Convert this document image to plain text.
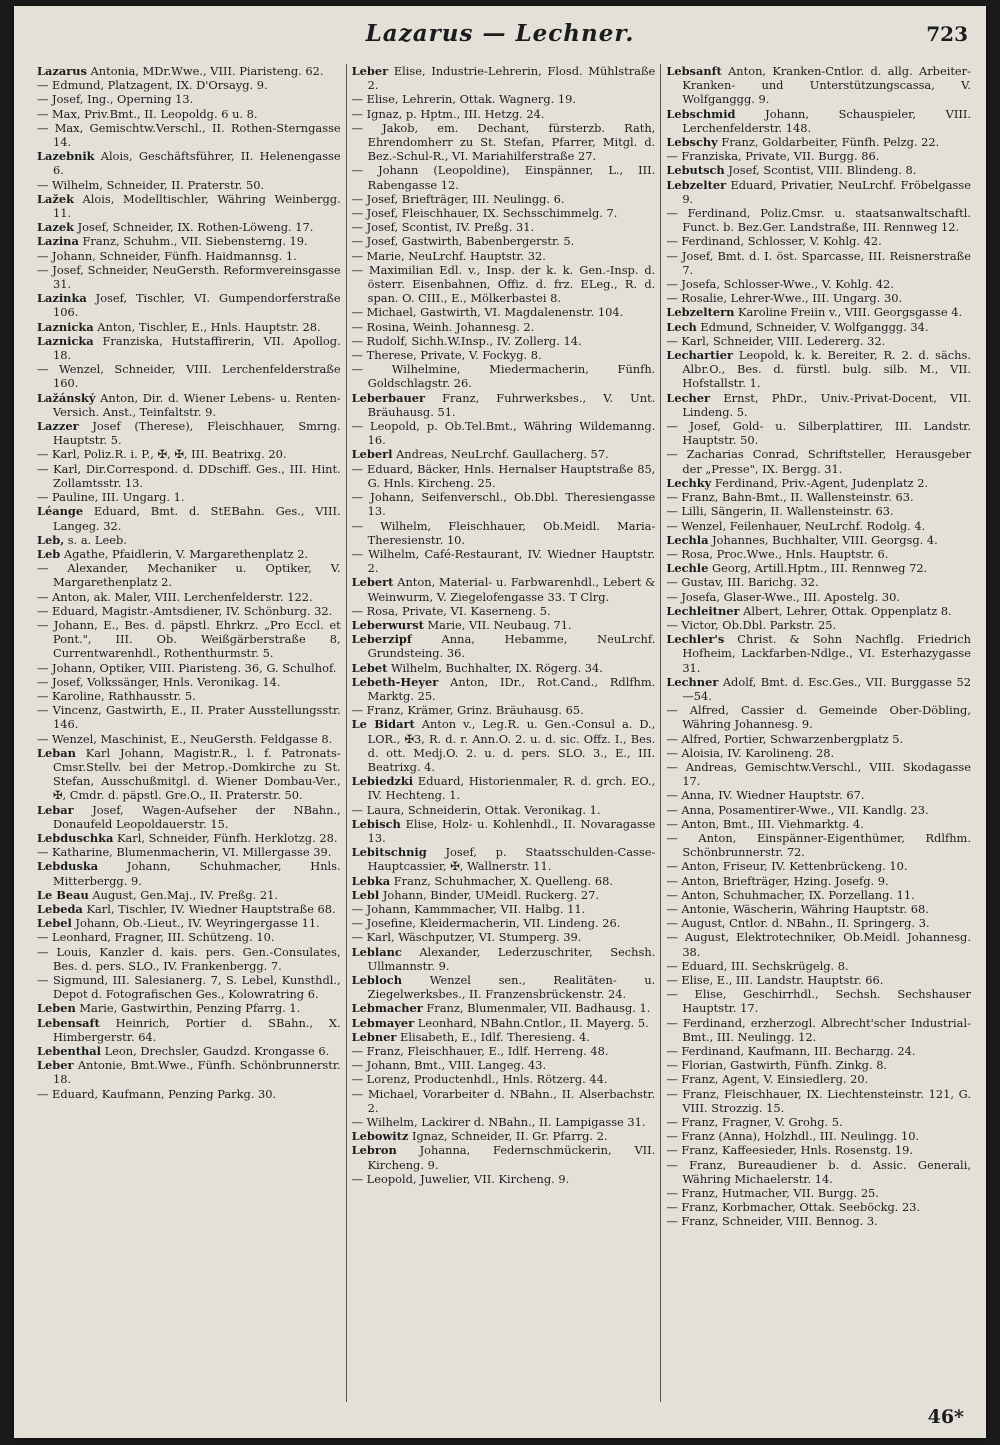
Lazarus — Lechner.	723

Lazarus Antonia, MDr.Wwe., VIII. Piaristeng. 62.

— Edmund, Platzagent, IX. D'Orsayg. 9.

— Josef, Ing., Operning 13.

— Max, Priv.Bmt., II. Leopoldg. 6 u. 8.

— Max, Gemischtw.Verschl., II. Rothen-Sterngasse 14.

Lazebnik Alois, Geschäftsführer, II. Helenengasse 6.

— Wilhelm, Schneider, II. Praterstr. 50.

Lažek Alois, Modelltischler, Währing Weinbergg. 11.

Lazek Josef, Schneider, IX. Rothen-Löweng. 17.

Lazina Franz, Schuhm., VII. Siebensterng. 19.

— Johann, Schneider, Fünfh. Haidmannsg. 1.

— Josef, Schneider, NeuGersth. Reformvereinsgasse 31.

Lazinka Josef, Tischler, VI. Gumpendorferstraße 106.

Laznicka Anton, Tischler, E., Hnls. Hauptstr. 28.

Laznicka Franziska, Hutstaffirerin, VII. Apollog. 18.

— Wenzel, Schneider, VIII. Lerchenfelderstraße 160.

Lažánský Anton, Dir. d. Wiener Lebens- u. Renten-Versich. Anst., Teinfaltstr. 9.

Lazzer Josef (Therese), Fleischhauer, Smrng. Hauptstr. 5.

— Karl, Poliz.R. i. P., ✠, ✠, III. Beatrixg. 20.

— Karl, Dir.Correspond. d. DDschiff. Ges., III. Hint. Zollamtsstr. 13.

— Pauline, III. Ungarg. 1.

Léange Eduard, Bmt. d. StEBahn. Ges., VIII. Langeg. 32.

Leb, s. a. Leeb.

Leb Agathe, Pfaidlerin, V. Margarethenplatz 2.

— Alexander, Mechaniker u. Optiker, V. Margarethenplatz 2.

— Anton, ak. Maler, VIII. Lerchenfelderstr. 122.

— Eduard, Magistr.-Amtsdiener, IV. Schönburg. 32.

— Johann, E., Bes. d. päpstl. Ehrkrz. „Pro Eccl. et Pont.", III. Ob. Weißgärberstraße 8, Currentwarenhdl., Rothenthurmstr. 5.

— Johann, Optiker, VIII. Piaristeng. 36, G. Schulhof.

— Josef, Volkssänger, Hnls. Veronikag. 14.

— Karoline, Rathhausstr. 5.

— Vincenz, Gastwirth, E., II. Prater Ausstellungsstr. 146.

— Wenzel, Maschinist, E., NeuGersth. Feldgasse 8.

Leban Karl Johann, Magistr.R., l. f. Patronats-Cmsr.Stellv. bei der Metrop.-Domkirche zu St. Stefan, Ausschußmitgl. d. Wiener Dombau-Ver., ✠, Cmdr. d. päpstl. Gre.O., II. Praterstr. 50.

Lebar Josef, Wagen-Aufseher der NBahn., Donaufeld Leopoldauerstr. 15.

Lebduschka Karl, Schneider, Fünfh. Herklotzg. 28.

— Katharine, Blumenmacherin, VI. Millergasse 39.

Lebduska Johann, Schuhmacher, Hnls. Mitterbergg. 9.

Le Beau August, Gen.Maj., IV. Preßg. 21.

Lebeda Karl, Tischler, IV. Wiedner Hauptstraße 68.

Lebel Johann, Ob.-Lieut., IV. Weyringergasse 11.

— Leonhard, Fragner, III. Schützeng. 10.

— Louis, Kanzler d. kais. pers. Gen.-Consulates, Bes. d. pers. SLO., IV. Frankenbergg. 7.

— Sigmund, III. Salesianerg. 7, S. Lebel, Kunsthdl., Depot d. Fotografischen Ges., Kolowratring 6.

Leben Marie, Gastwirthin, Penzing Pfarrg. 1.

Lebensaft Heinrich, Portier d. SBahn., X. Himbergerstr. 64.

Lebenthal Leon, Drechsler, Gaudzd. Krongasse 6.

Leber Antonie, Bmt.Wwe., Fünfh. Schönbrunnerstr. 18.

— Eduard, Kaufmann, Penzing Parkg. 30.

Leber Elise, Industrie-Lehrerin, Flosd. Mühlstraße 2.

— Elise, Lehrerin, Ottak. Wagnerg. 19.

— Ignaz, p. Hptm., III. Hetzg. 24.

— Jakob, em. Dechant, fürsterzb. Rath, Ehrendomherr zu St. Stefan, Pfarrer, Mitgl. d. Bez.-Schul-R., VI. Mariahilferstraße 27.

— Johann (Leopoldine), Einspänner, L., III. Rabengasse 12.

— Josef, Briefträger, III. Neulingg. 6.

— Josef, Fleischhauer, IX. Sechsschimmelg. 7.

— Josef, Scontist, IV. Preßg. 31.

— Josef, Gastwirth, Babenbergerstr. 5.

— Marie, NeuLrchf. Hauptstr. 32.

— Maximilian Edl. v., Insp. der k. k. Gen.-Insp. d. österr. Eisenbahnen, Offiz. d. frz. ELeg., R. d. span. O. CIII., E., Mölkerbastei 8.

— Michael, Gastwirth, VI. Magdalenenstr. 104.

— Rosina, Weinh. Johannesg. 2.

— Rudolf, Sichh.W.Insp., IV. Zollerg. 14.

— Therese, Private, V. Fockyg. 8.

— Wilhelmine, Miedermacherin, Fünfh. Goldschlagstr. 26.

Leberbauer Franz, Fuhrwerksbes., V. Unt. Bräuhausg. 51.

— Leopold, p. Ob.Tel.Bmt., Währing Wildemanng. 16.

Leberl Andreas, NeuLrchf. Gaullacherg. 57.

— Eduard, Bäcker, Hnls. Hernalser Hauptstraße 85, G. Hnls. Kircheng. 25.

— Johann, Seifenverschl., Ob.Dbl. Theresiengasse 13.

— Wilhelm, Fleischhauer, Ob.Meidl. Maria-Theresienstr. 10.

— Wilhelm, Café-Restaurant, IV. Wiedner Hauptstr. 2.

Lebert Anton, Material- u. Farbwarenhdl., Lebert & Weinwurm, V. Ziegelofengasse 33. T Clrg.

— Rosa, Private, VI. Kaserneng. 5.

Leberwurst Marie, VII. Neubaug. 71.

Leberzipf Anna, Hebamme, NeuLrchf. Grundsteing. 36.

Lebet Wilhelm, Buchhalter, IX. Rögerg. 34.

Lebeth-Heyer Anton, IDr., Rot.Cand., Rdlfhm. Marktg. 25.

— Franz, Krämer, Grinz. Bräuhausg. 65.

Le Bidart Anton v., Leg.R. u. Gen.-Consul a. D., LOR., ✠3, R. d. r. Ann.O. 2. u. d. sic. Offz. I., Bes. d. ott. Medj.O. 2. u. d. pers. SLO. 3., E., III. Beatrixg. 4.

Lebiedzki Eduard, Historienmaler, R. d. grch. EO., IV. Hechteng. 1.

— Laura, Schneiderin, Ottak. Veronikag. 1.

Lebisch Elise, Holz- u. Kohlenhdl., II. Novaragasse 13.

Lebitschnig Josef, p. Staatsschulden-Casse-Hauptcassier, ✠, Wallnerstr. 11.

Lebka Franz, Schuhmacher, X. Quelleng. 68.

Lebl Johann, Binder, UMeidl. Ruckerg. 27.

— Johann, Kammmacher, VII. Halbg. 11.

— Josefine, Kleidermacherin, VII. Lindeng. 26.

— Karl, Wäschputzer, VI. Stumperg. 39.

Leblanc Alexander, Lederzuschriter, Sechsh. Ullmannstr. 9.

Lebloch Wenzel sen., Realitäten- u. Ziegelwerksbes., II. Franzensbrückenstr. 24.

Lebmacher Franz, Blumenmaler, VII. Badhausg. 1.

Lebmayer Leonhard, NBahn.Cntlor., II. Mayerg. 5.

Lebner Elisabeth, E., Idlf. Theresieng. 4.

— Franz, Fleischhauer, E., Idlf. Herreng. 48.

— Johann, Bmt., VIII. Langeg. 43.

— Lorenz, Productenhdl., Hnls. Rötzerg. 44.

— Michael, Vorarbeiter d. NBahn., II. Alserbachstr. 2.

— Wilhelm, Lackirer d. NBahn., II. Lampigasse 31.

Lebowitz Ignaz, Schneider, II. Gr. Pfarrg. 2.

Lebron Johanna, Federnschmückerin, VII. Kircheng. 9.

— Leopold, Juwelier, VII. Kircheng. 9.

Lebsanft Anton, Kranken-Cntlor. d. allg. Arbeiter-Kranken- und Unterstützungscassa, V. Wolfganggg. 9.

Lebschmid Johann, Schauspieler, VIII. Lerchenfelderstr. 148.

Lebschy Franz, Goldarbeiter, Fünfh. Pelzg. 22.

— Franziska, Private, VII. Burgg. 86.

Lebutsch Josef, Scontist, VIII. Blindeng. 8.

Lebzelter Eduard, Privatier, NeuLrchf. Fröbelgasse 9.

— Ferdinand, Poliz.Cmsr. u. staatsanwaltschaftl. Funct. b. Bez.Ger. Landstraße, III. Rennweg 12.

— Ferdinand, Schlosser, V. Kohlg. 42.

— Josef, Bmt. d. I. öst. Sparcasse, III. Reisnerstraße 7.

— Josefa, Schlosser-Wwe., V. Kohlg. 42.

— Rosalie, Lehrer-Wwe., III. Ungarg. 30.

Lebzeltern Karoline Freiin v., VIII. Georgsgasse 4.

Lech Edmund, Schneider, V. Wolfganggg. 34.

— Karl, Schneider, VIII. Ledererg. 32.

Lechartier Leopold, k. k. Bereiter, R. 2. d. sächs. Albr.O., Bes. d. fürstl. bulg. silb. M., VII. Hofstallstr. 1.

Lecher Ernst, PhDr., Univ.-Privat-Docent, VII. Lindeng. 5.

— Josef, Gold- u. Silberplattirer, III. Landstr. Hauptstr. 50.

— Zacharias Conrad, Schriftsteller, Herausgeber der „Presse", IX. Bergg. 31.

Lechky Ferdinand, Priv.-Agent, Judenplatz 2.

— Franz, Bahn-Bmt., II. Wallensteinstr. 63.

— Lilli, Sängerin, II. Wallensteinstr. 63.

— Wenzel, Feilenhauer, NeuLrchf. Rodolg. 4.

Lechla Johannes, Buchhalter, VIII. Georgsg. 4.

— Rosa, Proc.Wwe., Hnls. Hauptstr. 6.

Lechle Georg, Artill.Hptm., III. Rennweg 72.

— Gustav, III. Barichg. 32.

— Josefa, Glaser-Wwe., III. Apostelg. 30.

Lechleitner Albert, Lehrer, Ottak. Oppenplatz 8.

— Victor, Ob.Dbl. Parkstr. 25.

Lechler's Christ. & Sohn Nachflg. Friedrich Hofheim, Lackfarben-Ndlge., VI. Esterhazygasse 31.

Lechner Adolf, Bmt. d. Esc.Ges., VII. Burggasse 52—54.

— Alfred, Cassier d. Gemeinde Ober-Döbling, Währing Johannesg. 9.

— Alfred, Portier, Schwarzenbergplatz 5.

— Aloisia, IV. Karolineng. 28.

— Andreas, Gemischtw.Verschl., VIII. Skodagasse 17.

— Anna, IV. Wiedner Hauptstr. 67.

— Anna, Posamentirer-Wwe., VII. Kandlg. 23.

— Anton, Bmt., III. Viehmarktg. 4.

— Anton, Einspänner-Eigenthümer, Rdlfhm. Schönbrunnerstr. 72.

— Anton, Friseur, IV. Kettenbrückeng. 10.

— Anton, Briefträger, Hzing. Josefg. 9.

— Anton, Schuhmacher, IX. Porzellang. 11.

— Antonie, Wäscherin, Währing Hauptstr. 68.

— August, Cntlor. d. NBahn., II. Springerg. 3.

— August, Elektrotechniker, Ob.Meidl. Johannesg. 38.

— Eduard, III. Sechskrügelg. 8.

— Elise, E., III. Landstr. Hauptstr. 66.

— Elise, Geschirrhdl., Sechsh. Sechshauser Hauptstr. 17.

— Ferdinand, erzherzogl. Albrecht'scher Industrial-Bmt., III. Neulingg. 12.

— Ferdinand, Kaufmann, III. Becharдg. 24.

— Florian, Gastwirth, Fünfh. Zinkg. 8.

— Franz, Agent, V. Einsiedlerg. 20.

— Franz, Fleischhauer, IX. Liechtensteinstr. 121, G. VIII. Strozzig. 15.

— Franz, Fragner, V. Grohg. 5.

— Franz (Anna), Holzhdl., III. Neulingg. 10.

— Franz, Kaffeesieder, Hnls. Rosenstg. 19.

— Franz, Bureaudiener b. d. Assic. Generali, Währing Michaelerstr. 14.

— Franz, Hutmacher, VII. Burgg. 25.

— Franz, Korbmacher, Ottak. Seeböckg. 23.

— Franz, Schneider, VIII. Bennog. 3.

46*
